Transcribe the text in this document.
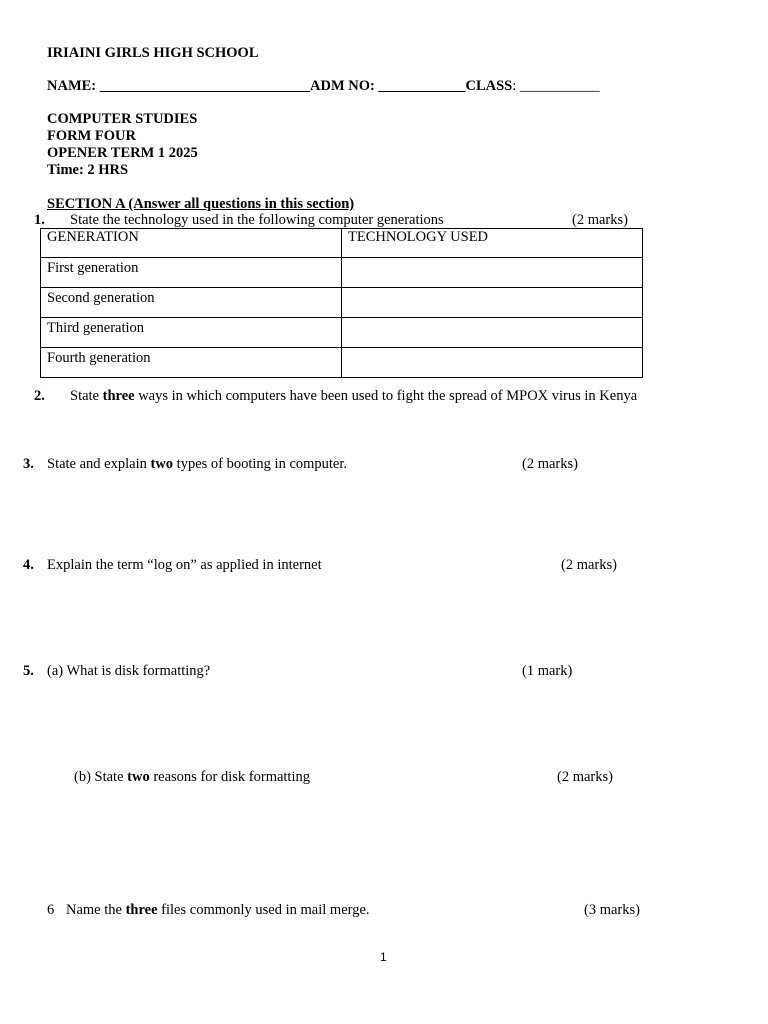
IRIAINI GIRLS HIGH SCHOOL
NAME: _____________________________ADM NO: ____________CLASS: ___________
COMPUTER STUDIES
FORM FOUR
OPENER TERM 1 2025
Time: 2 HRS
SECTION A (Answer all questions in this section)
1. State the technology used in the following computer generations	(2 marks)
GENERATION	TECHNOLOGY USED
First generation	
Second generation	
Third generation	
Fourth generation	
2. State three ways in which computers have been used to fight the spread of MPOX virus in Kenya
3. State and explain two types of booting in computer.	(2 marks)
4. Explain the term “log on” as applied in internet	(2 marks)
5. (a) What is disk formatting?	(1 mark)
(b) State two reasons for disk formatting	(2 marks)
6 Name the three files commonly used in mail merge.	(3 marks)
1
